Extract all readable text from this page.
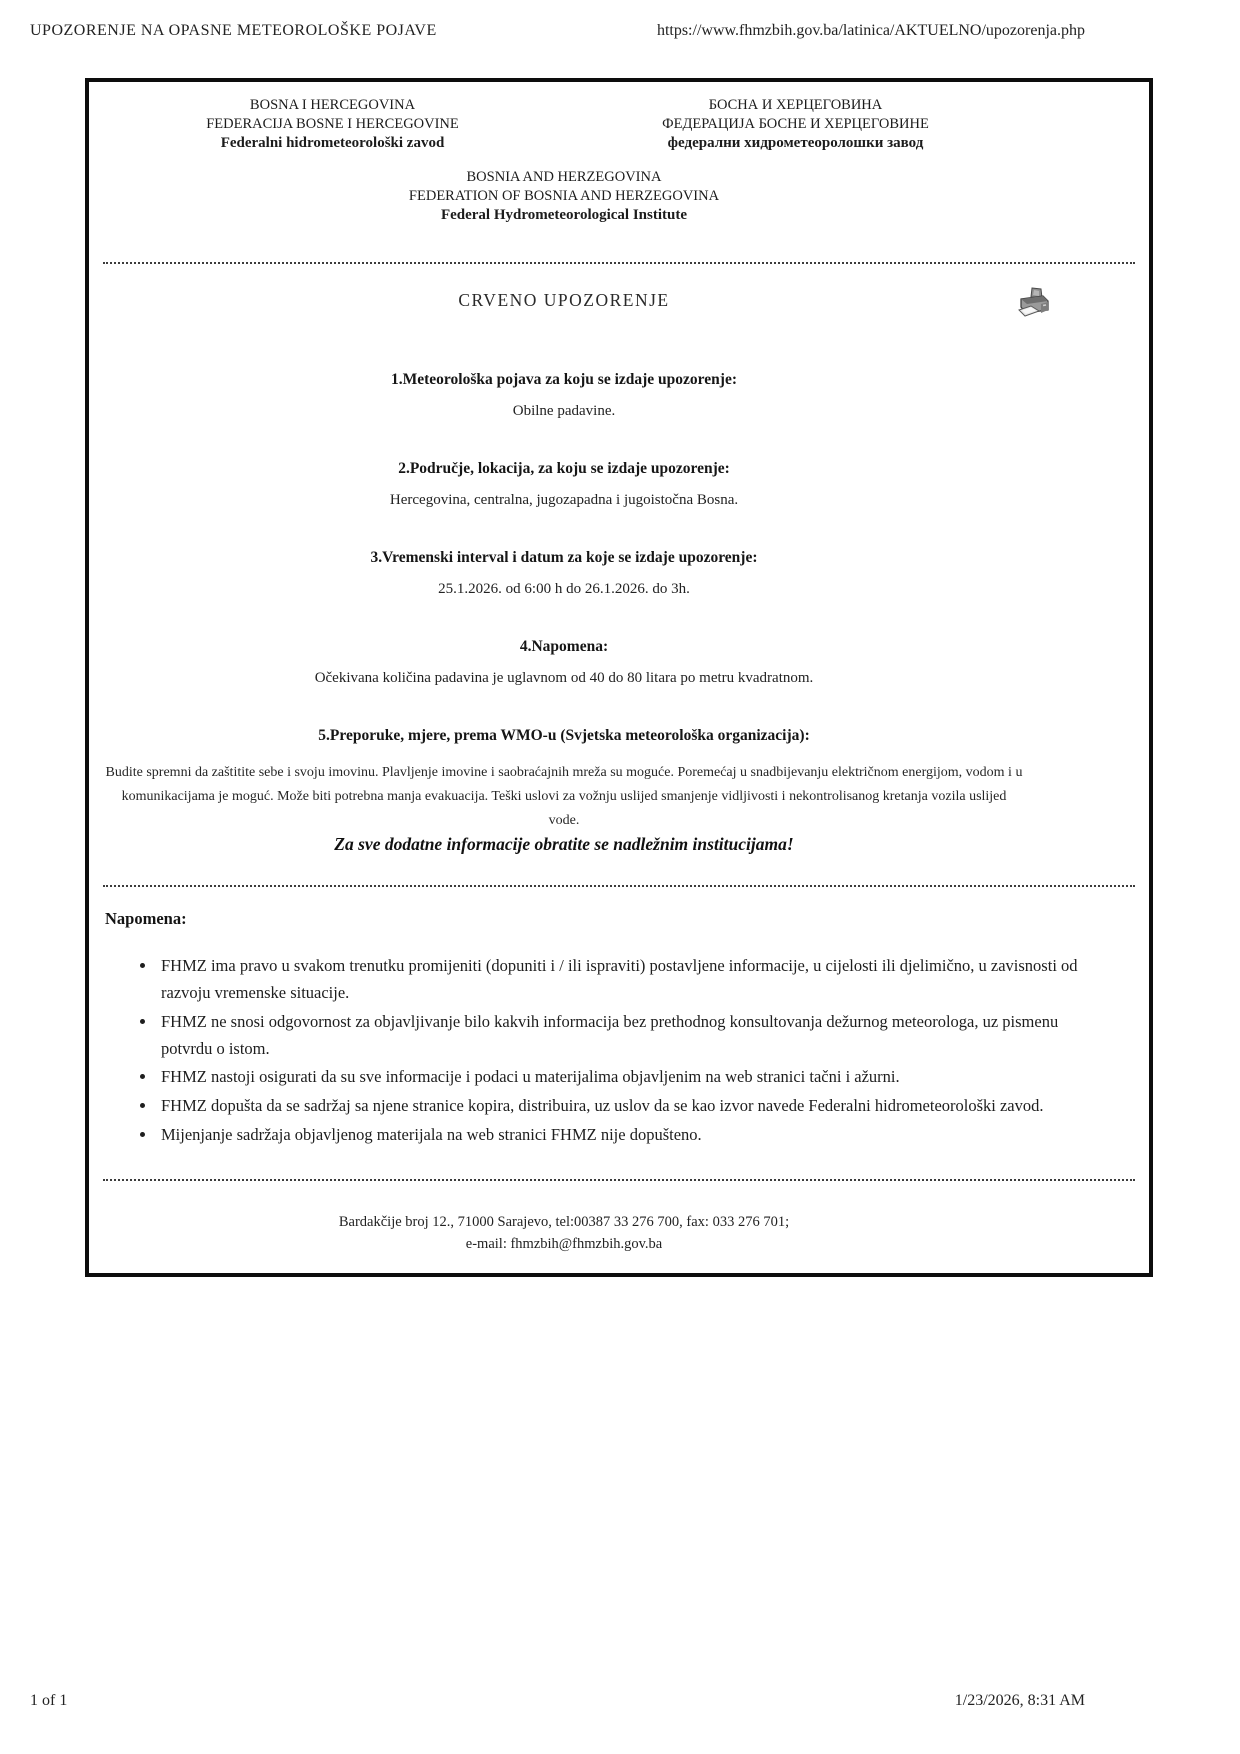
UPOZORENJE NA OPASNE METEOROLOŠKE POJAVE	https://www.fhmzbih.gov.ba/latinica/AKTUELNO/upozorenja.php
BOSNA I HERCEGOVINA
FEDERACIJA BOSNE I HERCEGOVINE
Federalni hidrometeorološki zavod
БОСНА И ХЕРЦЕГОВИНА
ФЕДЕРАЦИЈА БОСНЕ И ХЕРЦЕГОВИНЕ
федерални хидрометеоролошки завод
BOSNIA AND HERZEGOVINA
FEDERATION OF BOSNIA AND HERZEGOVINA
Federal Hydrometeorological Institute
CRVENO UPOZORENJE
1.Meteorološka pojava za koju se izdaje upozorenje:
Obilne padavine.
2.Područje, lokacija, za koju se izdaje upozorenje:
Hercegovina, centralna, jugozapadna i jugoistočna Bosna.
3.Vremenski interval i datum za koje se izdaje upozorenje:
25.1.2026. od 6:00 h do 26.1.2026. do 3h.
4.Napomena:
Očekivana količina padavina je uglavnom od 40 do 80 litara po metru kvadratnom.
5.Preporuke, mjere, prema WMO-u (Svjetska meteorološka organizacija):
Budite spremni da zaštitite sebe i svoju imovinu. Plavljenje imovine i saobraćajnih mreža su moguće. Poremećaj u snadbijevanju električnom energijom, vodom i u komunikacijama je moguć. Može biti potrebna manja evakuacija. Teški uslovi za vožnju uslijed smanjenje vidljivosti i nekontrolisanog kretanja vozila uslijed vode.
Za sve dodatne informacije obratite se nadležnim institucijama!
Napomena:
• FHMZ ima pravo u svakom trenutku promijeniti (dopuniti i / ili ispraviti) postavljene informacije, u cijelosti ili djelimično, u zavisnosti od razvoju vremenske situacije.
• FHMZ ne snosi odgovornost za objavljivanje bilo kakvih informacija bez prethodnog konsultovanja dežurnog meteorologa, uz pismenu potvrdu o istom.
• FHMZ nastoji osigurati da su sve informacije i podaci u materijalima objavljenim na web stranici tačni i ažurni.
• FHMZ dopušta da se sadržaj sa njene stranice kopira, distribuira, uz uslov da se kao izvor navede Federalni hidrometeorološki zavod.
• Mijenjanje sadržaja objavljenog materijala na web stranici FHMZ nije dopušteno.
Bardakčije broj 12., 71000 Sarajevo, tel:00387 33 276 700, fax: 033 276 701;
e-mail: fhmzbih@fhmzbih.gov.ba
1 of 1	1/23/2026, 8:31 AM
